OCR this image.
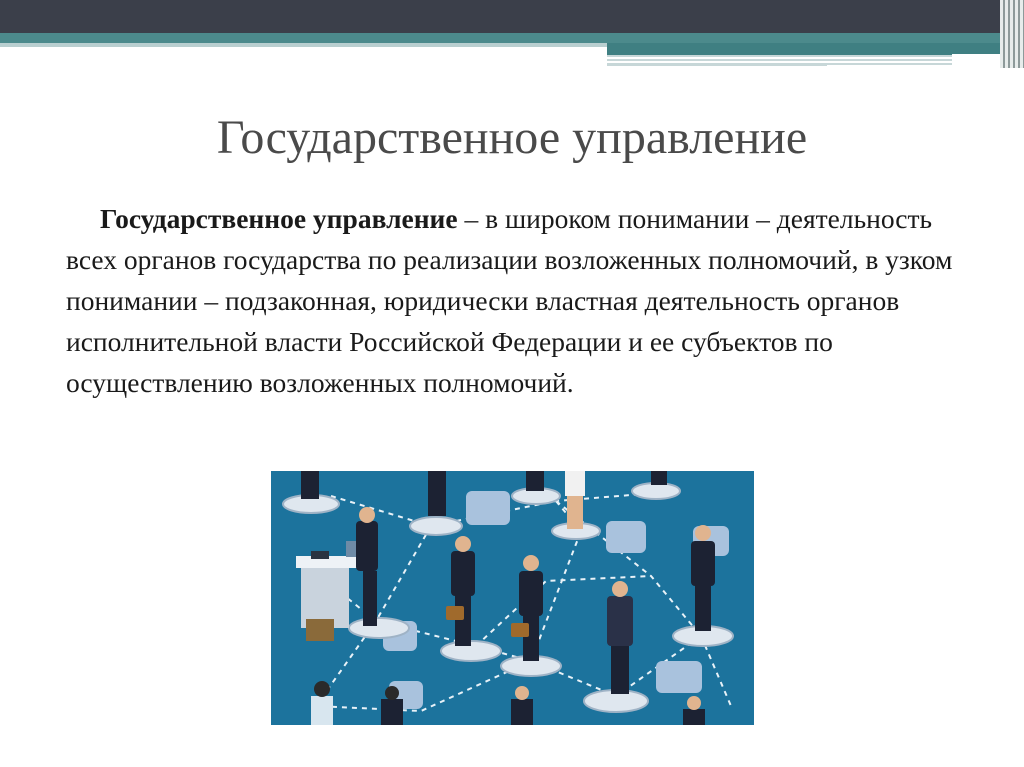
Государственное управление

Государственное управление – в широком понимании – деятельность всех органов государства по реализации возложенных полномочий, в узком понимании – подзаконная, юридически властная деятельность органов исполнительной власти Российской Федерации и ее субъектов по осуществлению возложенных полномочий.
